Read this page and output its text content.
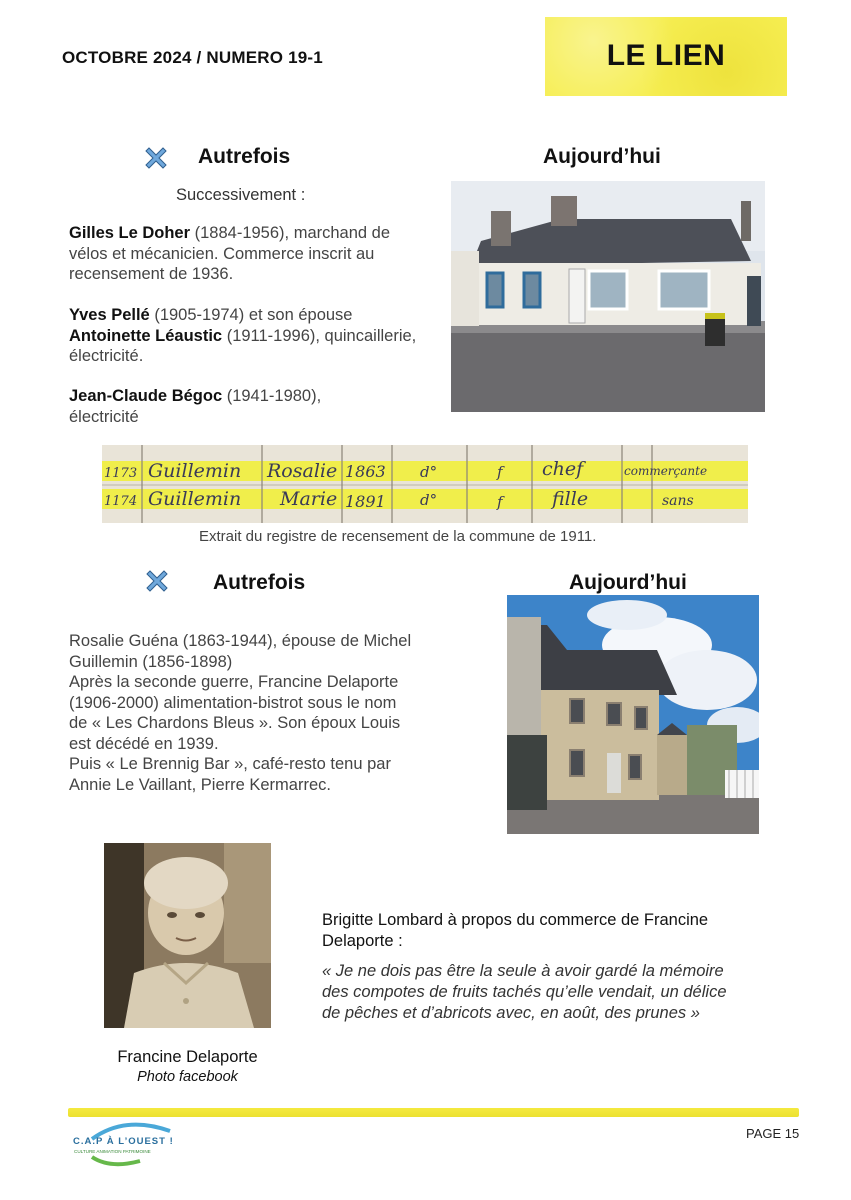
OCTOBRE 2024 / NUMERO 19-1	LE LIEN
Autrefois	Aujourd’hui
Successivement :
Gilles Le Doher (1884-1956), marchand de vélos et mécanicien. Commerce inscrit au recensement de 1936.
Yves Pellé (1905-1974) et son épouse Antoinette Léaustic (1911-1996), quincaillerie, électricité.
Jean-Claude Bégoc (1941-1980), électricité
1173 Guillemin Rosalie 1863 d°	f chef	commerçante
1174 Guillemin Marie 1891 d°	f	fille	sans
Extrait du registre de recensement de la commune de 1911.
Autrefois	Aujourd’hui
Rosalie Guéna (1863-1944), épouse de Michel
Guillemin (1856-1898)
Après la seconde guerre, Francine Delaporte
(1906-2000) alimentation-bistrot sous le nom
de « Les Chardons Bleus ». Son époux Louis
est décédé en 1939.
Puis « Le Brennig Bar », café-resto tenu par
Annie Le Vaillant, Pierre Kermarrec.
Francine Delaporte
Photo facebook
Brigitte Lombard à propos du commerce de Francine
Delaporte :
« Je ne dois pas être la seule à avoir gardé la mémoire
des compotes de fruits tachés qu’elle vendait, un délice
de pêches et d’abricots avec, en août, des prunes »
C.A.P À L’OUEST !
CULTURE ANIMATION PATRIMOINE
PAGE 15
